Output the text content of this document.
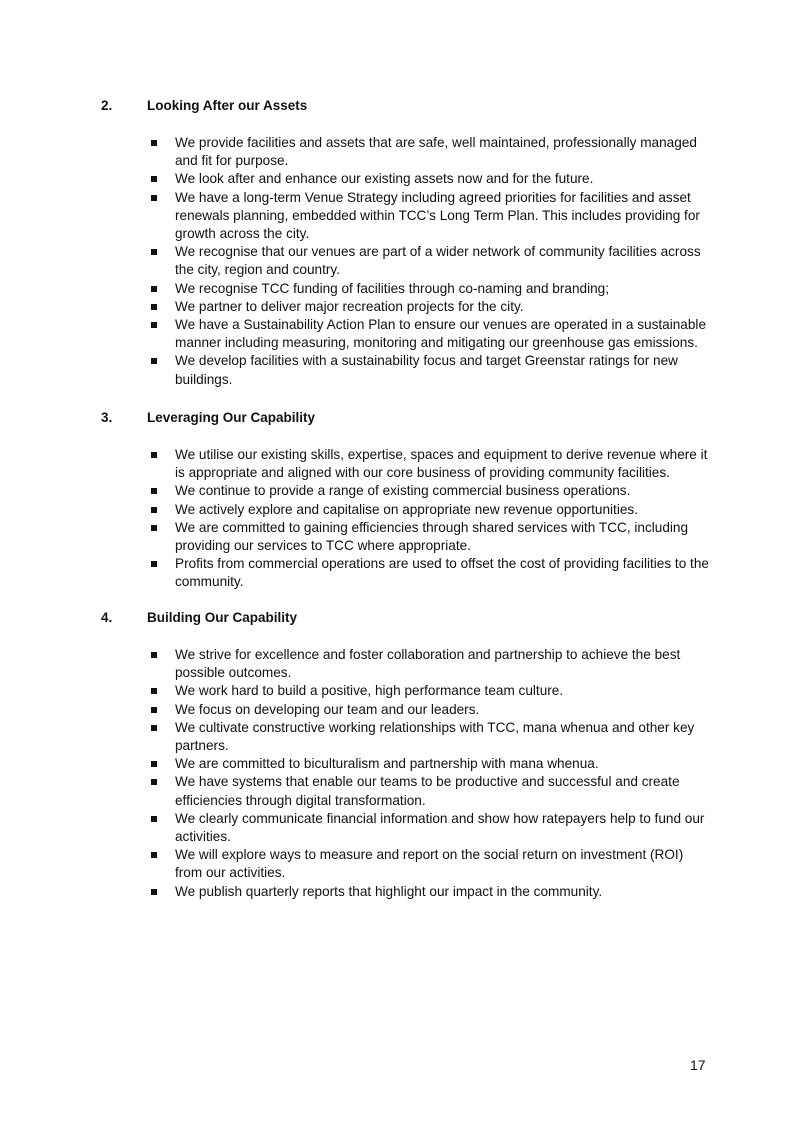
2.	Looking After our Assets
We provide facilities and assets that are safe, well maintained, professionally managed and fit for purpose.
We look after and enhance our existing assets now and for the future.
We have a long-term Venue Strategy including agreed priorities for facilities and asset renewals planning, embedded within TCC’s Long Term Plan. This includes providing for growth across the city.
We recognise that our venues are part of a wider network of community facilities across the city, region and country.
We recognise TCC funding of facilities through co-naming and branding;
We partner to deliver major recreation projects for the city.
We have a Sustainability Action Plan to ensure our venues are operated in a sustainable manner including measuring, monitoring and mitigating our greenhouse gas emissions.
We develop facilities with a sustainability focus and target Greenstar ratings for new buildings.
3.	Leveraging Our Capability
We utilise our existing skills, expertise, spaces and equipment to derive revenue where it is appropriate and aligned with our core business of providing community facilities.
We continue to provide a range of existing commercial business operations.
We actively explore and capitalise on appropriate new revenue opportunities.
We are committed to gaining efficiencies through shared services with TCC, including providing our services to TCC where appropriate.
Profits from commercial operations are used to offset the cost of providing facilities to the community.
4.	Building Our Capability
We strive for excellence and foster collaboration and partnership to achieve the best possible outcomes.
We work hard to build a positive, high performance team culture.
We focus on developing our team and our leaders.
We cultivate constructive working relationships with TCC, mana whenua and other key partners.
We are committed to biculturalism and partnership with mana whenua.
We have systems that enable our teams to be productive and successful and create efficiencies through digital transformation.
We clearly communicate financial information and show how ratepayers help to fund our activities.
We will explore ways to measure and report on the social return on investment (ROI) from our activities.
We publish quarterly reports that highlight our impact in the community.
17
